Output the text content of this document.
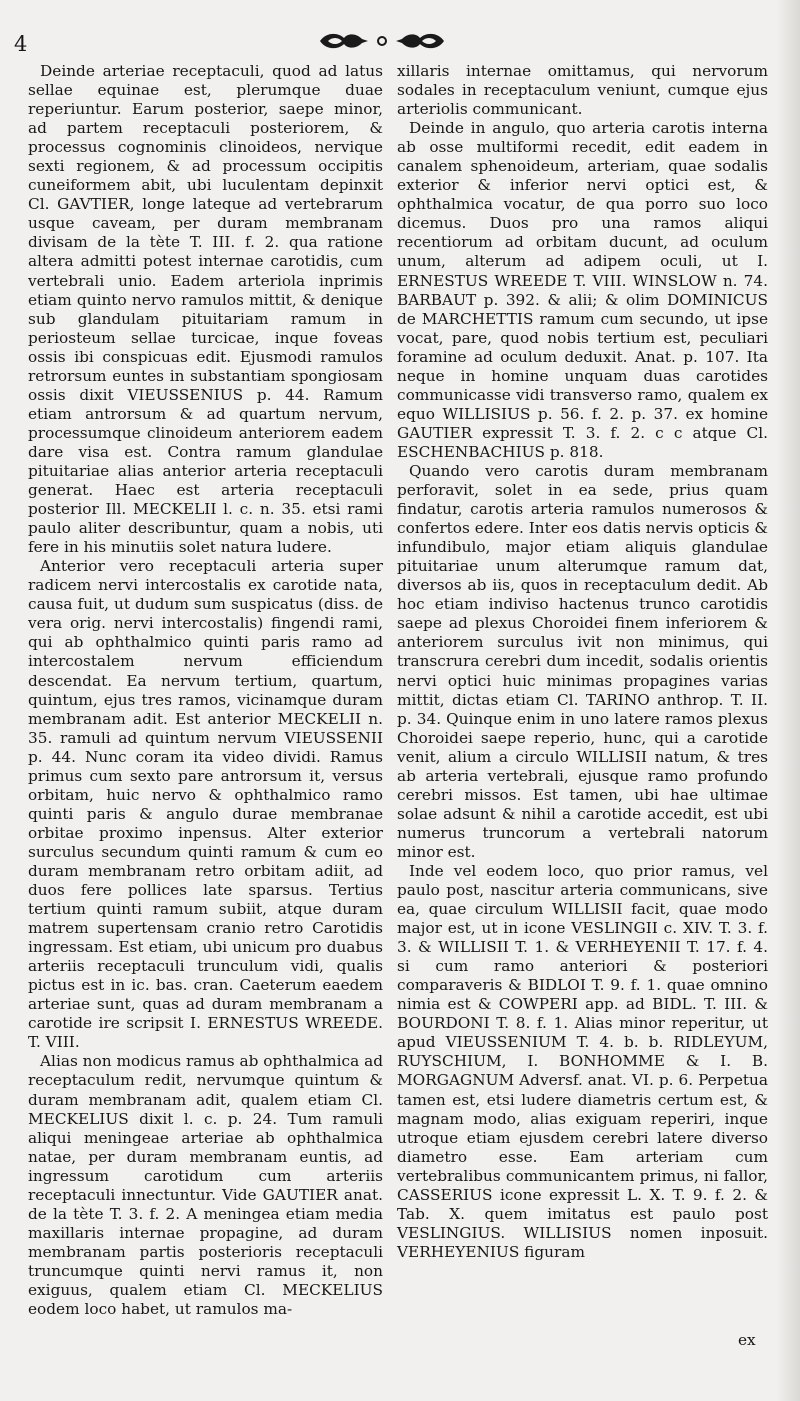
4

Deinde arteriae receptaculi, quod ad latus sellae equinae est, plerumque duae reperiuntur. Earum posterior, saepe minor, ad partem receptaculi posteriorem, & processus cognominis clinoideos, nervique sexti regionem, & ad processum occipitis cuneiformem abit, ubi luculentam depinxit Cl. GAVTIER, longe lateque ad vertebrarum usque caveam, per duram membranam divisam de la tète T. III. f. 2. qua ratione altera admitti potest internae carotidis, cum vertebrali unio. Eadem arteriola inprimis etiam quinto nervo ramulos mittit, & denique sub glandulam pituitariam ramum in periosteum sellae turcicae, inque foveas ossis ibi conspicuas edit. Ejusmodi ramulos retrorsum euntes in substantiam spongiosam ossis dixit VIEUSSENIUS p. 44. Ramum etiam antrorsum & ad quartum nervum, processumque clinoideum anteriorem eadem dare visa est. Contra ramum glandulae pituitariae alias anterior arteria receptaculi generat. Haec est arteria receptaculi posterior Ill. MECKELII l. c. n. 35. etsi rami paulo aliter describuntur, quam a nobis, uti fere in his minutiis solet natura ludere.

Anterior vero receptaculi arteria super radicem nervi intercostalis ex carotide nata, causa fuit, ut dudum sum suspicatus (diss. de vera orig. nervi intercostalis) fingendi rami, qui ab ophthalmico quinti paris ramo ad intercostalem nervum efficiendum descendat. Ea nervum tertium, quartum, quintum, ejus tres ramos, vicinamque duram membranam adit. Est anterior MECKELII n. 35. ramuli ad quintum nervum VIEUSSENII p. 44. Nunc coram ita video dividi. Ramus primus cum sexto pare antrorsum it, versus orbitam, huic nervo & ophthalmico ramo quinti paris & angulo durae membranae orbitae proximo inpensus. Alter exterior surculus secundum quinti ramum & cum eo duram membranam retro orbitam adiit, ad duos fere pollices late sparsus. Tertius tertium quinti ramum subiit, atque duram matrem supertensam cranio retro Carotidis ingressam. Est etiam, ubi unicum pro duabus arteriis receptaculi trunculum vidi, qualis pictus est in ic. bas. cran. Caeterum eaedem arteriae sunt, quas ad duram membranam a carotide ire scripsit I. ERNESTUS WREEDE. T. VIII.

Alias non modicus ramus ab ophthalmica ad receptaculum redit, nervumque quintum & duram membranam adit, qualem etiam Cl. MECKELIUS dixit l. c. p. 24. Tum ramuli aliqui meningeae arteriae ab ophthalmica natae, per duram membranam euntis, ad ingressum carotidum cum arteriis receptaculi innectuntur. Vide GAUTIER anat. de la tète T. 3. f. 2. A meningea etiam media maxillaris internae propagine, ad duram membranam partis posterioris receptaculi truncumque quinti nervi ramus it, non exiguus, qualem etiam Cl. MECKELIUS eodem loco habet, ut ramulos ma-

xillaris internae omittamus, qui nervorum sodales in receptaculum veniunt, cumque ejus arteriolis communicant.

Deinde in angulo, quo arteria carotis interna ab osse multiformi recedit, edit eadem in canalem sphenoideum, arteriam, quae sodalis exterior & inferior nervi optici est, & ophthalmica vocatur, de qua porro suo loco dicemus. Duos pro una ramos aliqui recentiorum ad orbitam ducunt, ad oculum unum, alterum ad adipem oculi, ut I. ERNESTUS WREEDE T. VIII. WINSLOW n. 74. BARBAUT p. 392. & alii; & olim DOMINICUS de MARCHETTIS ramum cum secundo, ut ipse vocat, pare, quod nobis tertium est, peculiari foramine ad oculum deduxit. Anat. p. 107. Ita neque in homine unquam duas carotides communicasse vidi transverso ramo, qualem ex equo WILLISIUS p. 56. f. 2. p. 37. ex homine GAUTIER expressit T. 3. f. 2. c c atque Cl. ESCHENBACHIUS p. 818.

Quando vero carotis duram membranam perforavit, solet in ea sede, prius quam findatur, carotis arteria ramulos numerosos & confertos edere. Inter eos datis nervis opticis & infundibulo, major etiam aliquis glandulae pituitariae unum alterumque ramum dat, diversos ab iis, quos in receptaculum dedit. Ab hoc etiam indiviso hactenus trunco carotidis saepe ad plexus Choroidei finem inferiorem & anteriorem surculus ivit non minimus, qui transcrura cerebri dum incedit, sodalis orientis nervi optici huic minimas propagines varias mittit, dictas etiam Cl. TARINO anthrop. T. II. p. 34. Quinque enim in uno latere ramos plexus Choroidei saepe reperio, hunc, qui a carotide venit, alium a circulo WILLISII natum, & tres ab arteria vertebrali, ejusque ramo profundo cerebri missos. Est tamen, ubi hae ultimae solae adsunt & nihil a carotide accedit, est ubi numerus truncorum a vertebrali natorum minor est.

Inde vel eodem loco, quo prior ramus, vel paulo post, nascitur arteria communicans, sive ea, quae circulum WILLISII facit, quae modo major est, ut in icone VESLINGII c. XIV. T. 3. f. 3. & WILLISII T. 1. & VERHEYENII T. 17. f. 4. si cum ramo anteriori & posteriori comparaveris & BIDLOI T. 9. f. 1. quae omnino nimia est & COWPERI app. ad BIDL. T. III. & BOURDONI T. 8. f. 1. Alias minor reperitur, ut apud VIEUSSENIUM T. 4. b. b. RIDLEYUM, RUYSCHIUM, I. BONHOMME & I. B. MORGAGNUM Adversf. anat. VI. p. 6. Perpetua tamen est, etsi ludere diametris certum est, & magnam modo, alias exiguam reperiri, inque utroque etiam ejusdem cerebri latere diverso diametro esse. Eam arteriam cum vertebralibus communicantem primus, ni fallor, CASSERIUS icone expressit L. X. T. 9. f. 2. & Tab. X. quem imitatus est paulo post VESLINGIUS. WILLISIUS nomen inposuit. VERHEYENIUS figuram

ex
